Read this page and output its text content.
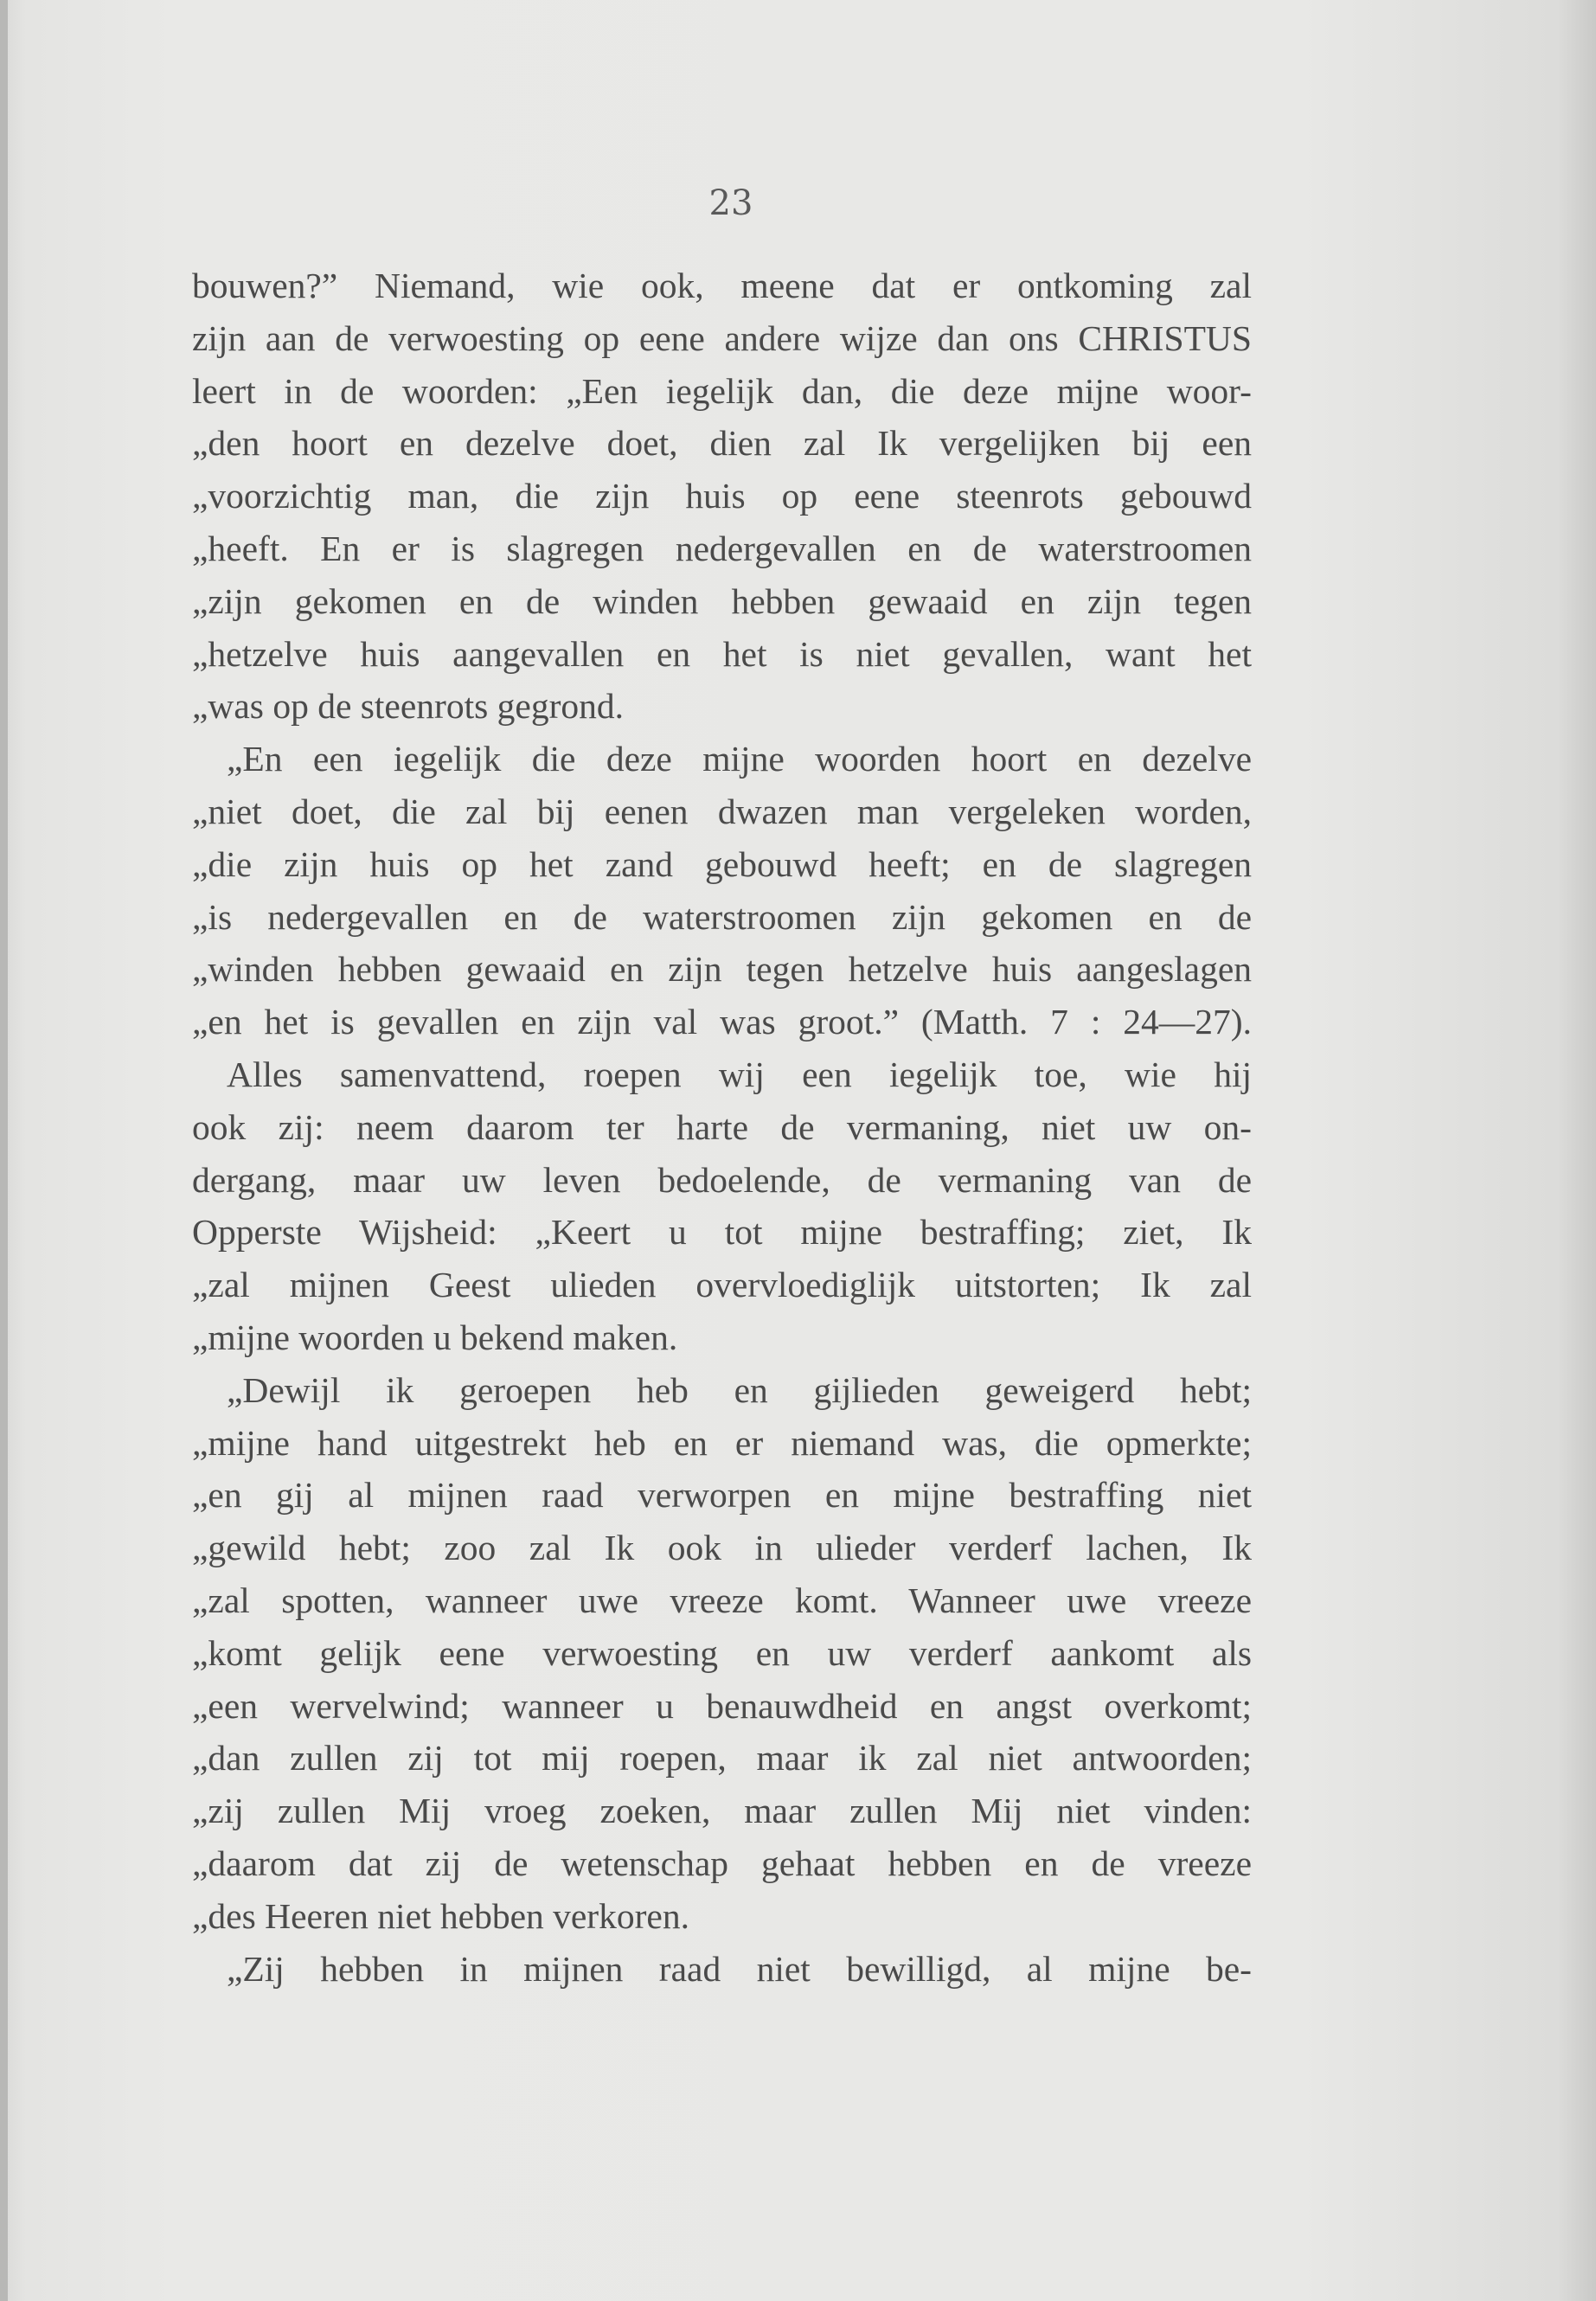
23
bouwen?” Niemand, wie ook, meene dat er ontkoming zal
zijn aan de verwoesting op eene andere wijze dan ons CHRISTUS
leert in de woorden: „Een iegelijk dan, die deze mijne woor-
„den hoort en dezelve doet, dien zal Ik vergelijken bij een
„voorzichtig man, die zijn huis op eene steenrots gebouwd
„heeft. En er is slagregen nedergevallen en de waterstroomen
„zijn gekomen en de winden hebben gewaaid en zijn tegen
„hetzelve huis aangevallen en het is niet gevallen, want het
„was op de steenrots gegrond.
„En een iegelijk die deze mijne woorden hoort en dezelve
„niet doet, die zal bij eenen dwazen man vergeleken worden,
„die zijn huis op het zand gebouwd heeft; en de slagregen
„is nedergevallen en de waterstroomen zijn gekomen en de
„winden hebben gewaaid en zijn tegen hetzelve huis aangeslagen
„en het is gevallen en zijn val was groot.” (Matth. 7 : 24—27).
Alles samenvattend, roepen wij een iegelijk toe, wie hij
ook zij: neem daarom ter harte de vermaning, niet uw on-
dergang, maar uw leven bedoelende, de vermaning van de
Opperste Wijsheid: „Keert u tot mijne bestraffing; ziet, Ik
„zal mijnen Geest ulieden overvloediglijk uitstorten; Ik zal
„mijne woorden u bekend maken.
„Dewijl ik geroepen heb en gijlieden geweigerd hebt;
„mijne hand uitgestrekt heb en er niemand was, die opmerkte;
„en gij al mijnen raad verworpen en mijne bestraffing niet
„gewild hebt; zoo zal Ik ook in ulieder verderf lachen, Ik
„zal spotten, wanneer uwe vreeze komt. Wanneer uwe vreeze
„komt gelijk eene verwoesting en uw verderf aankomt als
„een wervelwind; wanneer u benauwdheid en angst overkomt;
„dan zullen zij tot mij roepen, maar ik zal niet antwoorden;
„zij zullen Mij vroeg zoeken, maar zullen Mij niet vinden:
„daarom dat zij de wetenschap gehaat hebben en de vreeze
„des Heeren niet hebben verkoren.
„Zij hebben in mijnen raad niet bewilligd, al mijne be-
